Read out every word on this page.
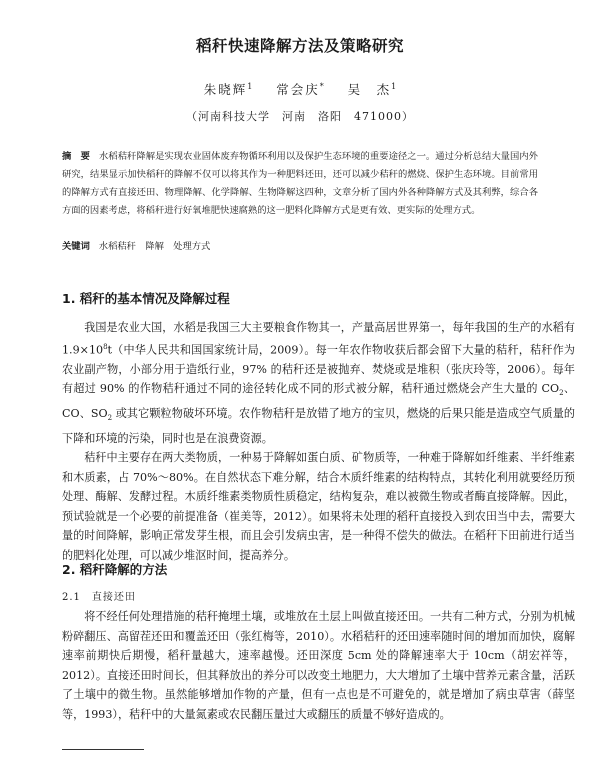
稻秆快速降解方法及策略研究
朱晓辉$^1$ 常会庆* 吴　杰$^1$
（河南科技大学　河南　洛阳　471000）
摘　要 水稻秸秆降解是实现农业固体废弃物循环利用以及保护生态环境的重要途径之一。通过分析总结大量国内外研究，结果显示加快稻秆的降解不仅可以将其作为一种肥料还田，还可以减少秸秆的燃烧、保护生态环境。目前常用的降解方式有直接还田、物理降解、化学降解、生物降解这四种，文章分析了国内外各种降解方式及其利弊，综合各方面的因素考虑，将稻秆进行好氧堆肥快速腐熟的这一肥料化降解方式是更有效、更实际的处理方式。
关键词 水稻秸秆　降解　处理方式
1. 稻秆的基本情况及降解过程

我国是农业大国，水稻是我国三大主要粮食作物其一，产量高居世界第一，每年我国的生产的水稻有 $1.9\times 10^8t$（中华人民共和国国家统计局，2009）。每一年农作物收获后都会留下大量的秸秆，秸秆作为农业副产物，小部分用于造纸行业，97% 的秸秆还是被抛弃、焚烧或是堆积（张庆玲等，2006）。每年有超过 90% 的作物秸秆通过不同的途径转化成不同的形式被分解，秸秆通过燃烧会产生大量的 $CO_2$、CO、$SO_2$ 或其它颗粒物破坏环境。农作物秸秆是放错了地方的宝贝，燃烧的后果只能是造成空气质量的下降和环境的污染，同时也是在浪费资源。

秸秆中主要存在两大类物质，一种易于降解如蛋白质、矿物质等，一种难于降解如纤维素、半纤维素和木质素，占 70%～80%。在自然状态下难分解，结合木质纤维素的结构特点，其转化利用就要经历预处理、酶解、发酵过程。木质纤维素类物质性质稳定，结构复杂，难以被微生物或者酶直接降解。因此，预试验就是一个必要的前提准备（崔美等，2012）。如果将未处理的稻秆直接投入到农田当中去，需要大量的时间降解，影响正常发芽生根，而且会引发病虫害，是一种得不偿失的做法。在稻秆下田前进行适当的肥料化处理，可以减少堆沤时间，提高养分。

2. 稻秆降解的方法
2.1　直接还田

将不经任何处理措施的秸秆掩埋土壤，或堆放在土层上叫做直接还田。一共有二种方式，分别为机械粉碎翻压、高留茬还田和覆盖还田（张红梅等，2010）。水稻秸秆的还田速率随时间的增加而加快，腐解速率前期快后期慢，稻秆量越大，速率越慢。还田深度 5cm 处的降解速率大于 10cm（胡宏祥等，2012）。直接还田时间长，但其释放出的养分可以改变土地肥力，大大增加了土壤中营养元素含量，活跃了土壤中的微生物。虽然能够增加作物的产量，但有一点也是不可避免的，就是增加了病虫草害（薛坚等，1993），秸秆中的大量氮素或农民翻压量过大或翻压的质量不够好造成的。
